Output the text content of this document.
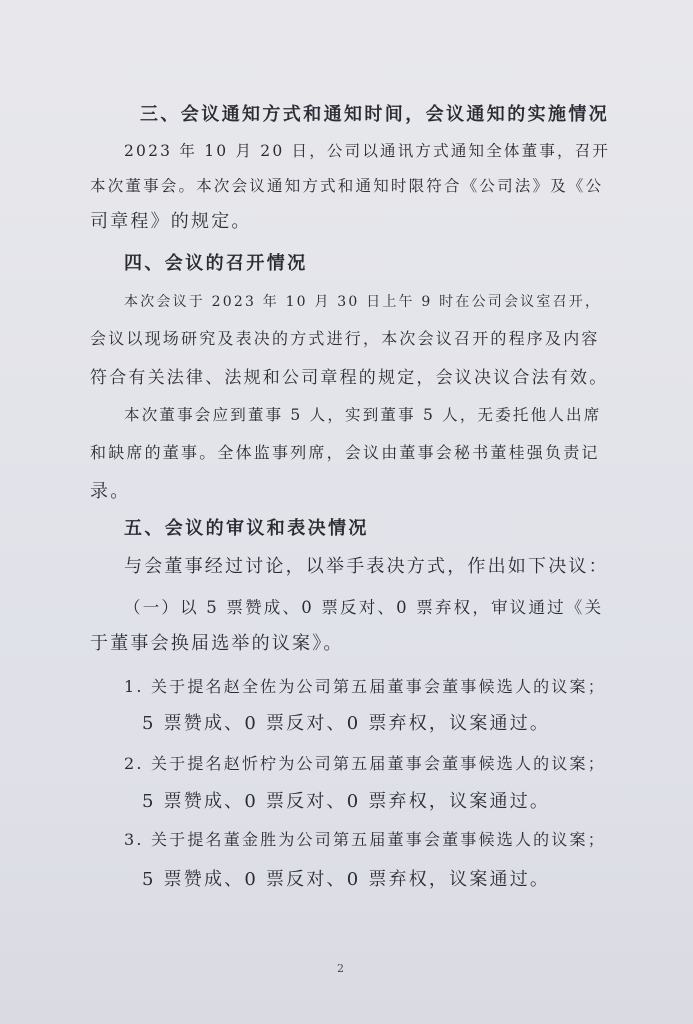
三、会议通知方式和通知时间，会议通知的实施情况
2023 年 10 月 20 日，公司以通讯方式通知全体董事，召开
本次董事会。本次会议通知方式和通知时限符合《公司法》及《公
司章程》的规定。
四、会议的召开情况
本次会议于 2023 年 10 月 30 日上午 9 时在公司会议室召开，
会议以现场研究及表决的方式进行，本次会议召开的程序及内容
符合有关法律、法规和公司章程的规定，会议决议合法有效。
本次董事会应到董事 5 人，实到董事 5 人，无委托他人出席
和缺席的董事。全体监事列席，会议由董事会秘书董桂强负责记
录。
五、会议的审议和表决情况
与会董事经过讨论，以举手表决方式，作出如下决议：
（一）以 5 票赞成、0 票反对、0 票弃权，审议通过《关
于董事会换届选举的议案》。
1. 关于提名赵全佐为公司第五届董事会董事候选人的议案；
5 票赞成、0 票反对、0 票弃权，议案通过。
2. 关于提名赵忻柠为公司第五届董事会董事候选人的议案；
5 票赞成、0 票反对、0 票弃权，议案通过。
3. 关于提名董金胜为公司第五届董事会董事候选人的议案；
5 票赞成、0 票反对、0 票弃权，议案通过。
2
